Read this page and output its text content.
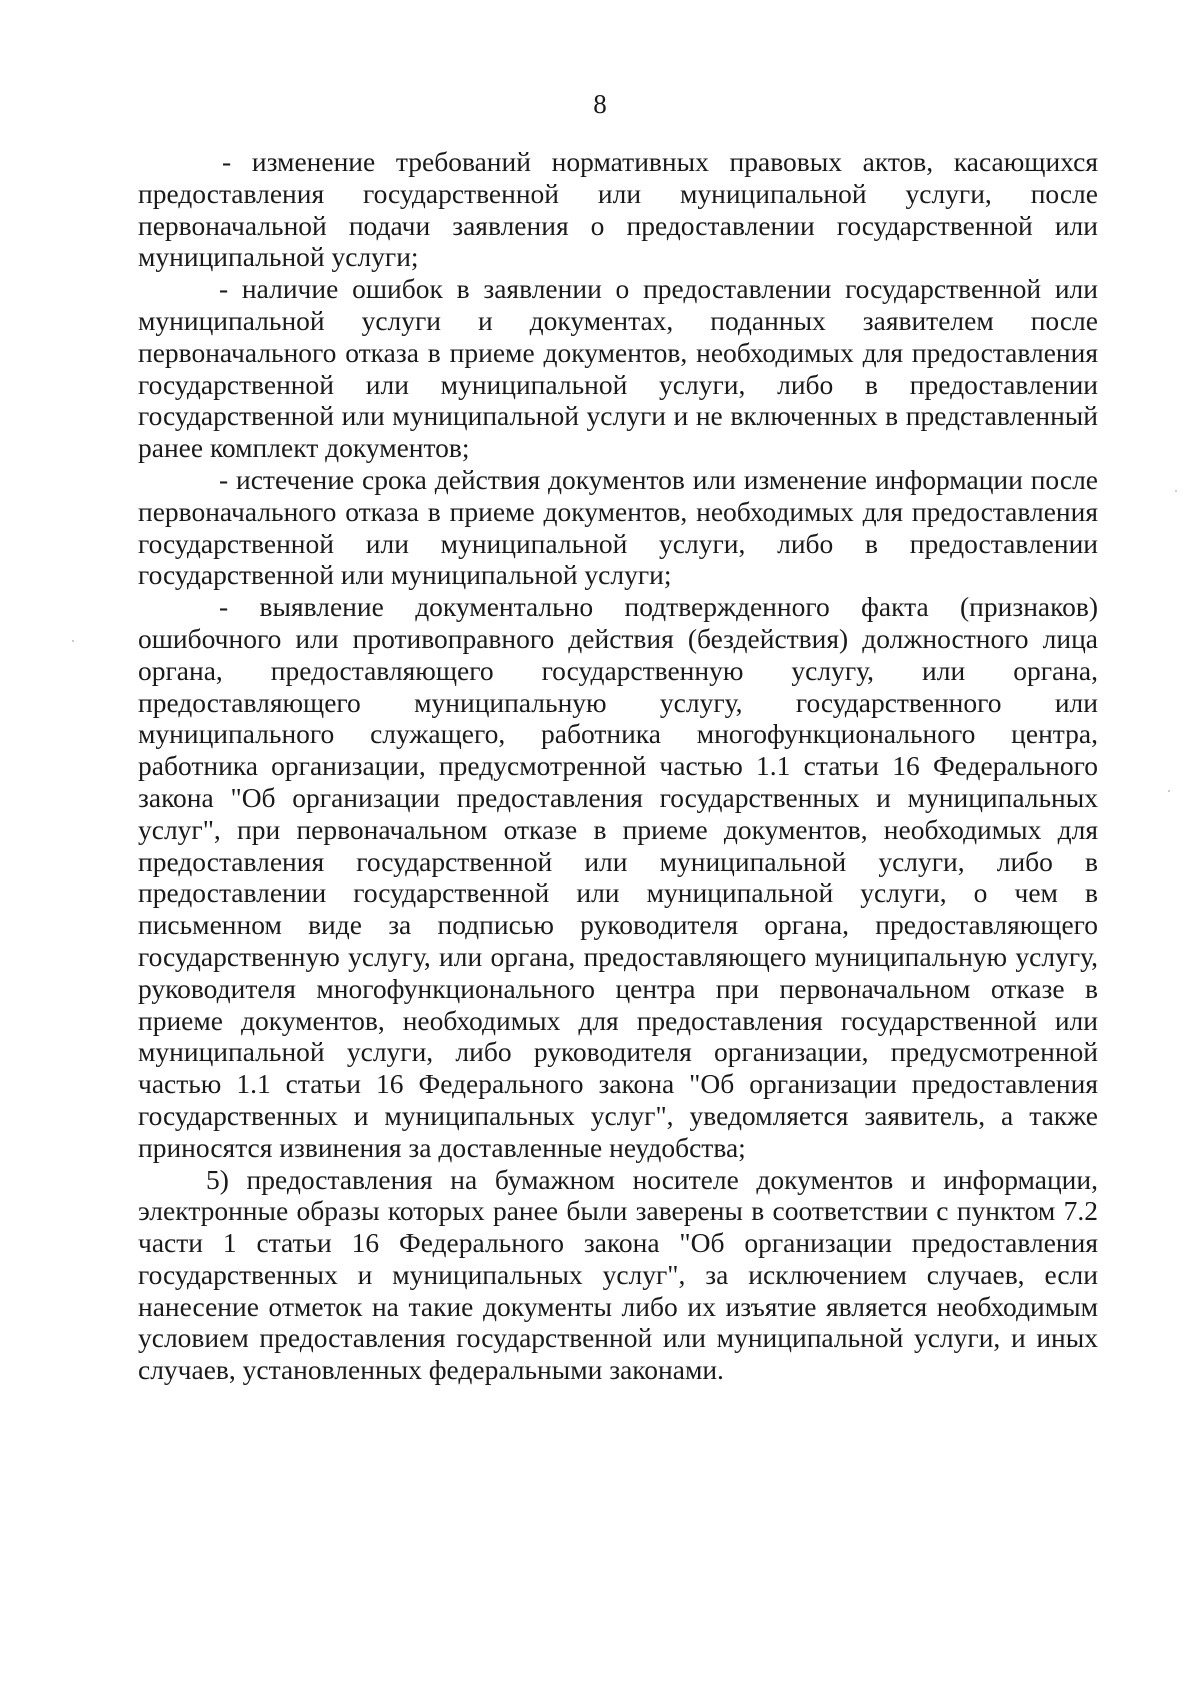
8

- изменение требований нормативных правовых актов, касающихся предоставления государственной или муниципальной услуги, после первоначальной подачи заявления о предоставлении государственной или муниципальной услуги;

- наличие ошибок в заявлении о предоставлении государственной или муниципальной услуги и документах, поданных заявителем после первоначального отказа в приеме документов, необходимых для предоставления государственной или муниципальной услуги, либо в предоставлении государственной или муниципальной услуги и не включенных в представленный ранее комплект документов;

- истечение срока действия документов или изменение информации после первоначального отказа в приеме документов, необходимых для предоставления государственной или муниципальной услуги, либо в предоставлении государственной или муниципальной услуги;

- выявление документально подтвержденного факта (признаков) ошибочного или противоправного действия (бездействия) должностного лица органа, предоставляющего государственную услугу, или органа, предоставляющего муниципальную услугу, государственного или муниципального служащего, работника многофункционального центра, работника организации, предусмотренной частью 1.1 статьи 16 Федерального закона "Об организации предоставления государственных и муниципальных услуг", при первоначальном отказе в приеме документов, необходимых для предоставления государственной или муниципальной услуги, либо в предоставлении государственной или муниципальной услуги, о чем в письменном виде за подписью руководителя органа, предоставляющего государственную услугу, или органа, предоставляющего муниципальную услугу, руководителя многофункционального центра при первоначальном отказе в приеме документов, необходимых для предоставления государственной или муниципальной услуги, либо руководителя организации, предусмотренной частью 1.1 статьи 16 Федерального закона "Об организации предоставления государственных и муниципальных услуг", уведомляется заявитель, а также приносятся извинения за доставленные неудобства;

5) предоставления на бумажном носителе документов и информации, электронные образы которых ранее были заверены в соответствии с пунктом 7.2 части 1 статьи 16 Федерального закона "Об организации предоставления государственных и муниципальных услуг", за исключением случаев, если нанесение отметок на такие документы либо их изъятие является необходимым условием предоставления государственной или муниципальной услуги, и иных случаев, установленных федеральными законами.
